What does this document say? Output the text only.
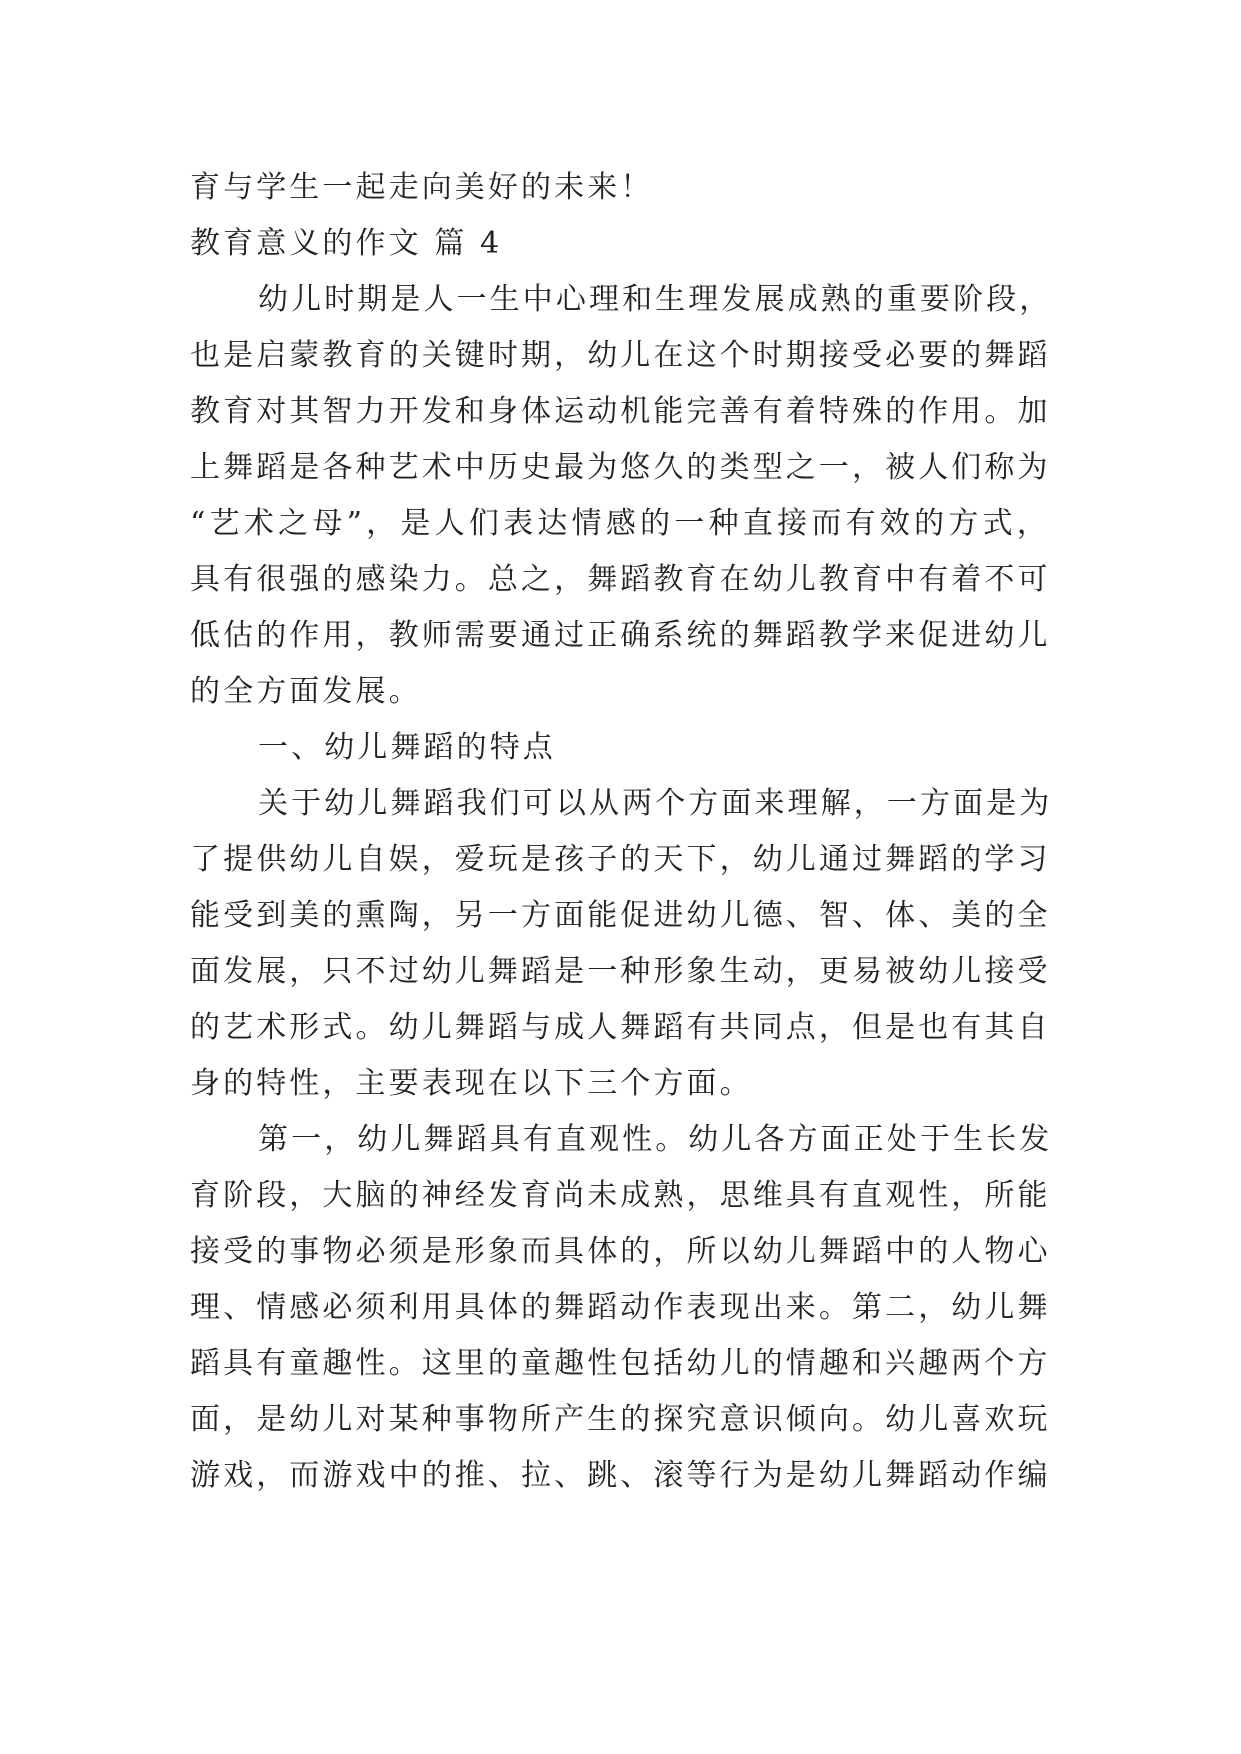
育与学生一起走向美好的未来！

教育意义的作文 篇 4

幼儿时期是人一生中心理和生理发展成熟的重要阶段，

也是启蒙教育的关键时期，幼儿在这个时期接受必要的舞蹈

教育对其智力开发和身体运动机能完善有着特殊的作用。加

上舞蹈是各种艺术中历史最为悠久的类型之一，被人们称为

“艺术之母”，是人们表达情感的一种直接而有效的方式，

具有很强的感染力。总之，舞蹈教育在幼儿教育中有着不可

低估的作用，教师需要通过正确系统的舞蹈教学来促进幼儿

的全方面发展。

一、幼儿舞蹈的特点

关于幼儿舞蹈我们可以从两个方面来理解，一方面是为

了提供幼儿自娱，爱玩是孩子的天下，幼儿通过舞蹈的学习

能受到美的熏陶，另一方面能促进幼儿德、智、体、美的全

面发展，只不过幼儿舞蹈是一种形象生动，更易被幼儿接受

的艺术形式。幼儿舞蹈与成人舞蹈有共同点，但是也有其自

身的特性，主要表现在以下三个方面。

第一，幼儿舞蹈具有直观性。幼儿各方面正处于生长发

育阶段，大脑的神经发育尚未成熟，思维具有直观性，所能

接受的事物必须是形象而具体的，所以幼儿舞蹈中的人物心

理、情感必须利用具体的舞蹈动作表现出来。第二，幼儿舞

蹈具有童趣性。这里的童趣性包括幼儿的情趣和兴趣两个方

面，是幼儿对某种事物所产生的探究意识倾向。幼儿喜欢玩

游戏，而游戏中的推、拉、跳、滚等行为是幼儿舞蹈动作编
